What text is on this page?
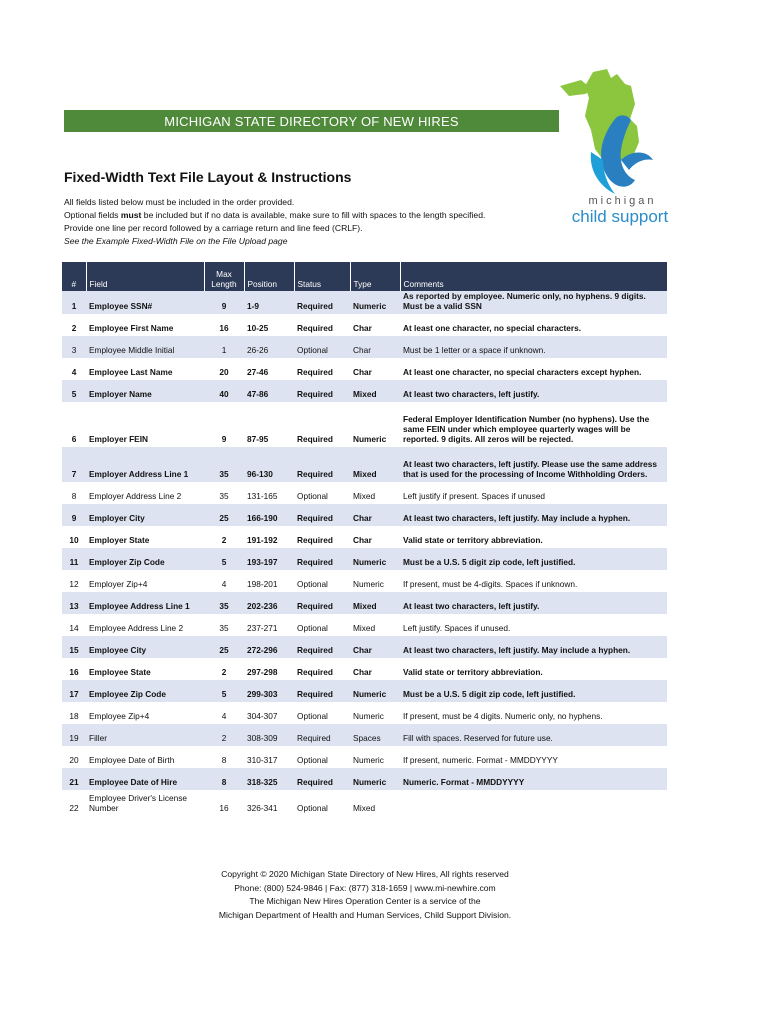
MICHIGAN STATE DIRECTORY OF NEW HIRES
michigan
child support
Fixed-Width Text File Layout & Instructions
All fields listed below must be included in the order provided.
Optional fields must be included but if no data is available, make sure to fill with spaces to the length specified.
Provide one line per record followed by a carriage return and line feed (CRLF).
See the Example Fixed-Width File on the File Upload page
#	Field	Max Length	Position	Status	Type	Comments
1	Employee SSN#	9	1-9	Required	Numeric	As reported by employee. Numeric only, no hyphens. 9 digits. Must be a valid SSN
2	Employee First Name	16	10-25	Required	Char	At least one character, no special characters.
3	Employee Middle Initial	1	26-26	Optional	Char	Must be 1 letter or a space if unknown.
4	Employee Last Name	20	27-46	Required	Char	At least one character, no special characters except hyphen.
5	Employer Name	40	47-86	Required	Mixed	At least two characters, left justify.
6	Employer FEIN	9	87-95	Required	Numeric	Federal Employer Identification Number (no hyphens). Use the same FEIN under which employee quarterly wages will be reported. 9 digits. All zeros will be rejected.
7	Employer Address Line 1	35	96-130	Required	Mixed	At least two characters, left justify. Please use the same address that is used for the processing of Income Withholding Orders.
8	Employer Address Line 2	35	131-165	Optional	Mixed	Left justify if present. Spaces if unused
9	Employer City	25	166-190	Required	Char	At least two characters, left justify. May include a hyphen.
10	Employer State	2	191-192	Required	Char	Valid state or territory abbreviation.
11	Employer Zip Code	5	193-197	Required	Numeric	Must be a U.S. 5 digit zip code, left justified.
12	Employer Zip+4	4	198-201	Optional	Numeric	If present, must be 4-digits. Spaces if unknown.
13	Employee Address Line 1	35	202-236	Required	Mixed	At least two characters, left justify.
14	Employee Address Line 2	35	237-271	Optional	Mixed	Left justify. Spaces if unused.
15	Employee City	25	272-296	Required	Char	At least two characters, left justify. May include a hyphen.
16	Employee State	2	297-298	Required	Char	Valid state or territory abbreviation.
17	Employee Zip Code	5	299-303	Required	Numeric	Must be a U.S. 5 digit zip code, left justified.
18	Employee Zip+4	4	304-307	Optional	Numeric	If present, must be 4 digits. Numeric only, no hyphens.
19	Filler	2	308-309	Required	Spaces	Fill with spaces. Reserved for future use.
20	Employee Date of Birth	8	310-317	Optional	Numeric	If present, numeric. Format - MMDDYYYY
21	Employee Date of Hire	8	318-325	Required	Numeric	Numeric. Format - MMDDYYYY
22	Employee Driver's License Number	16	326-341	Optional	Mixed	
Copyright © 2020 Michigan State Directory of New Hires, All rights reserved
Phone: (800) 524-9846 | Fax: (877) 318-1659 | www.mi-newhire.com
The Michigan New Hires Operation Center is a service of the
Michigan Department of Health and Human Services, Child Support Division.
